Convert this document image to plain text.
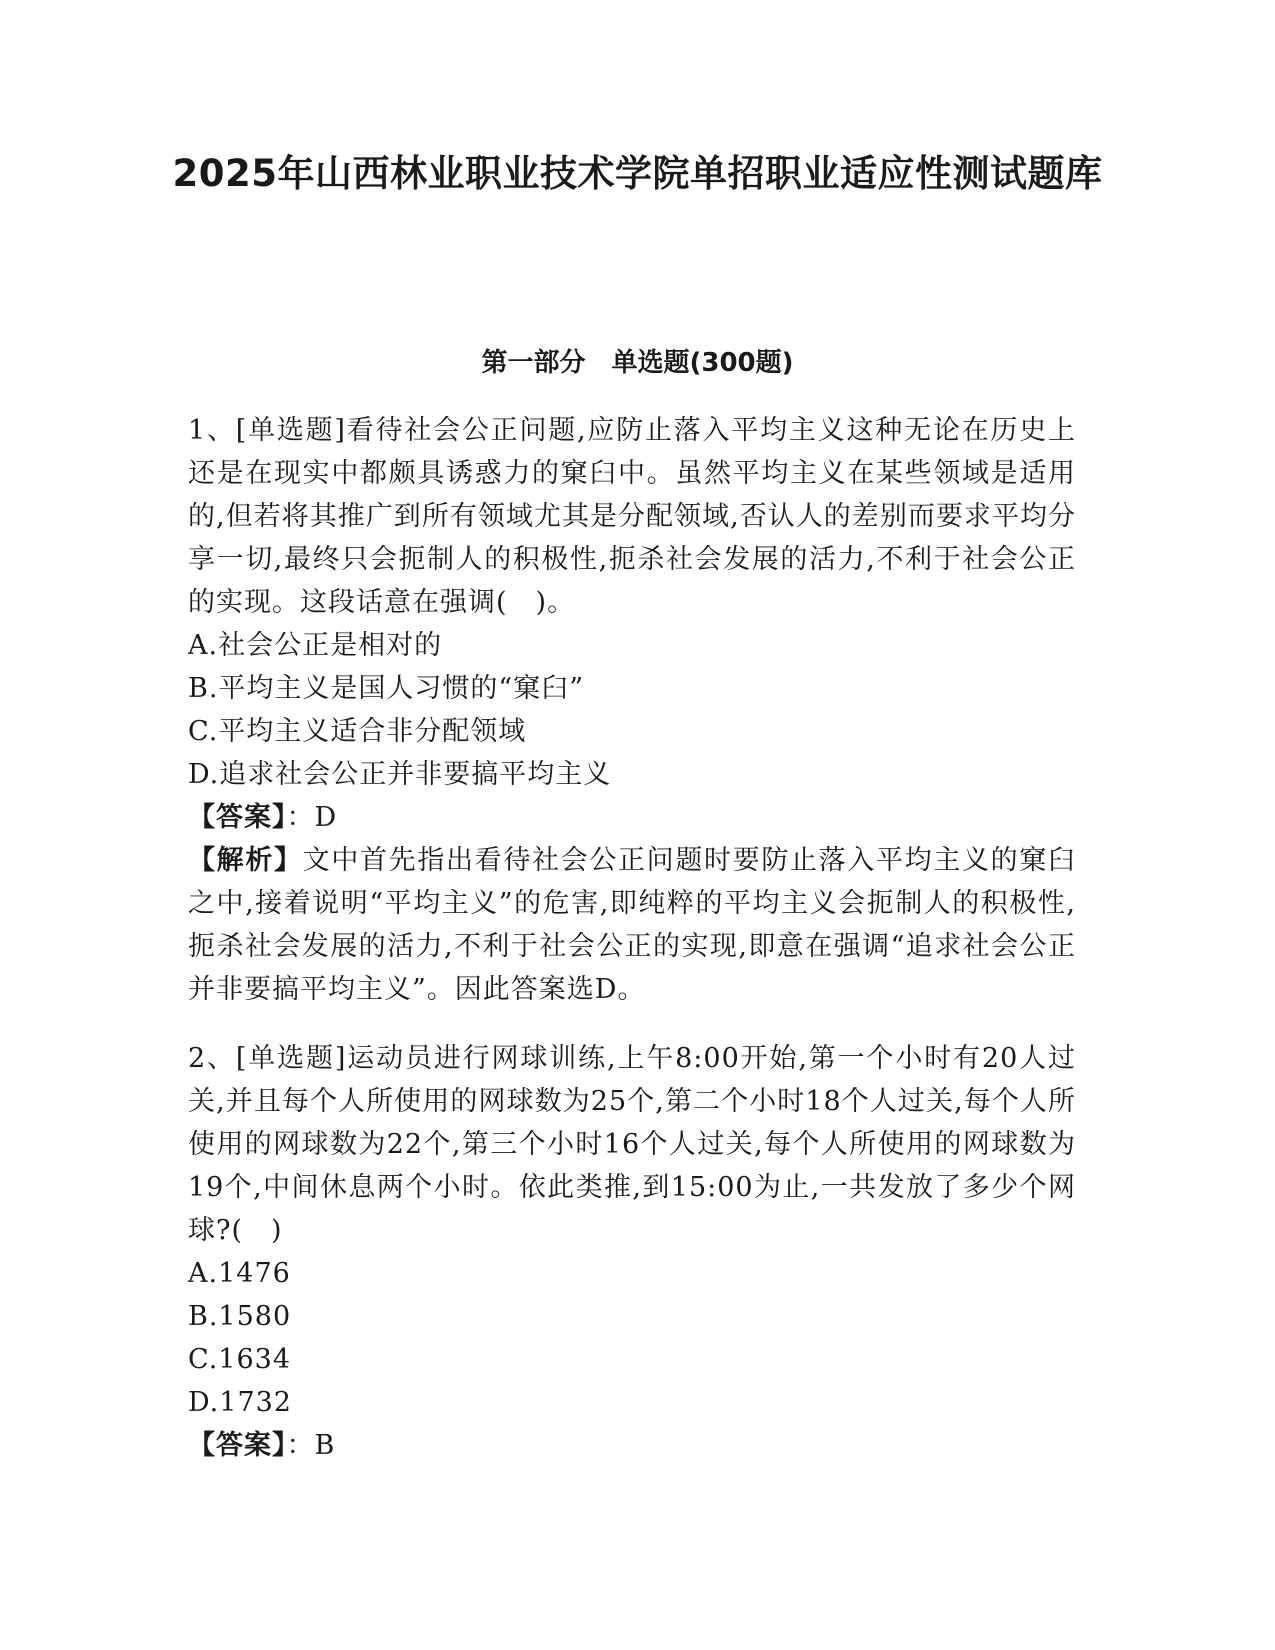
2025年山西林业职业技术学院单招职业适应性测试题库
第一部分　单选题(300题)

1、[单选题]看待社会公正问题,应防止落入平均主义这种无论在历史上还是在现实中都颇具诱惑力的窠臼中。虽然平均主义在某些领域是适用的,但若将其推广到所有领域尤其是分配领域,否认人的差别而要求平均分享一切,最终只会扼制人的积极性,扼杀社会发展的活力,不利于社会公正的实现。这段话意在强调(　)。

A.社会公正是相对的

B.平均主义是国人习惯的“窠臼”

C.平均主义适合非分配领域

D.追求社会公正并非要搞平均主义

【答案】：D

【解析】文中首先指出看待社会公正问题时要防止落入平均主义的窠臼之中,接着说明“平均主义”的危害,即纯粹的平均主义会扼制人的积极性,扼杀社会发展的活力,不利于社会公正的实现,即意在强调“追求社会公正并非要搞平均主义”。因此答案选D。

2、[单选题]运动员进行网球训练,上午8:00开始,第一个小时有20人过关,并且每个人所使用的网球数为25个,第二个小时18个人过关,每个人所使用的网球数为22个,第三个小时16个人过关,每个人所使用的网球数为19个,中间休息两个小时。依此类推,到15:00为止,一共发放了多少个网球?(　)

A.1476

B.1580

C.1634

D.1732

【答案】：B
